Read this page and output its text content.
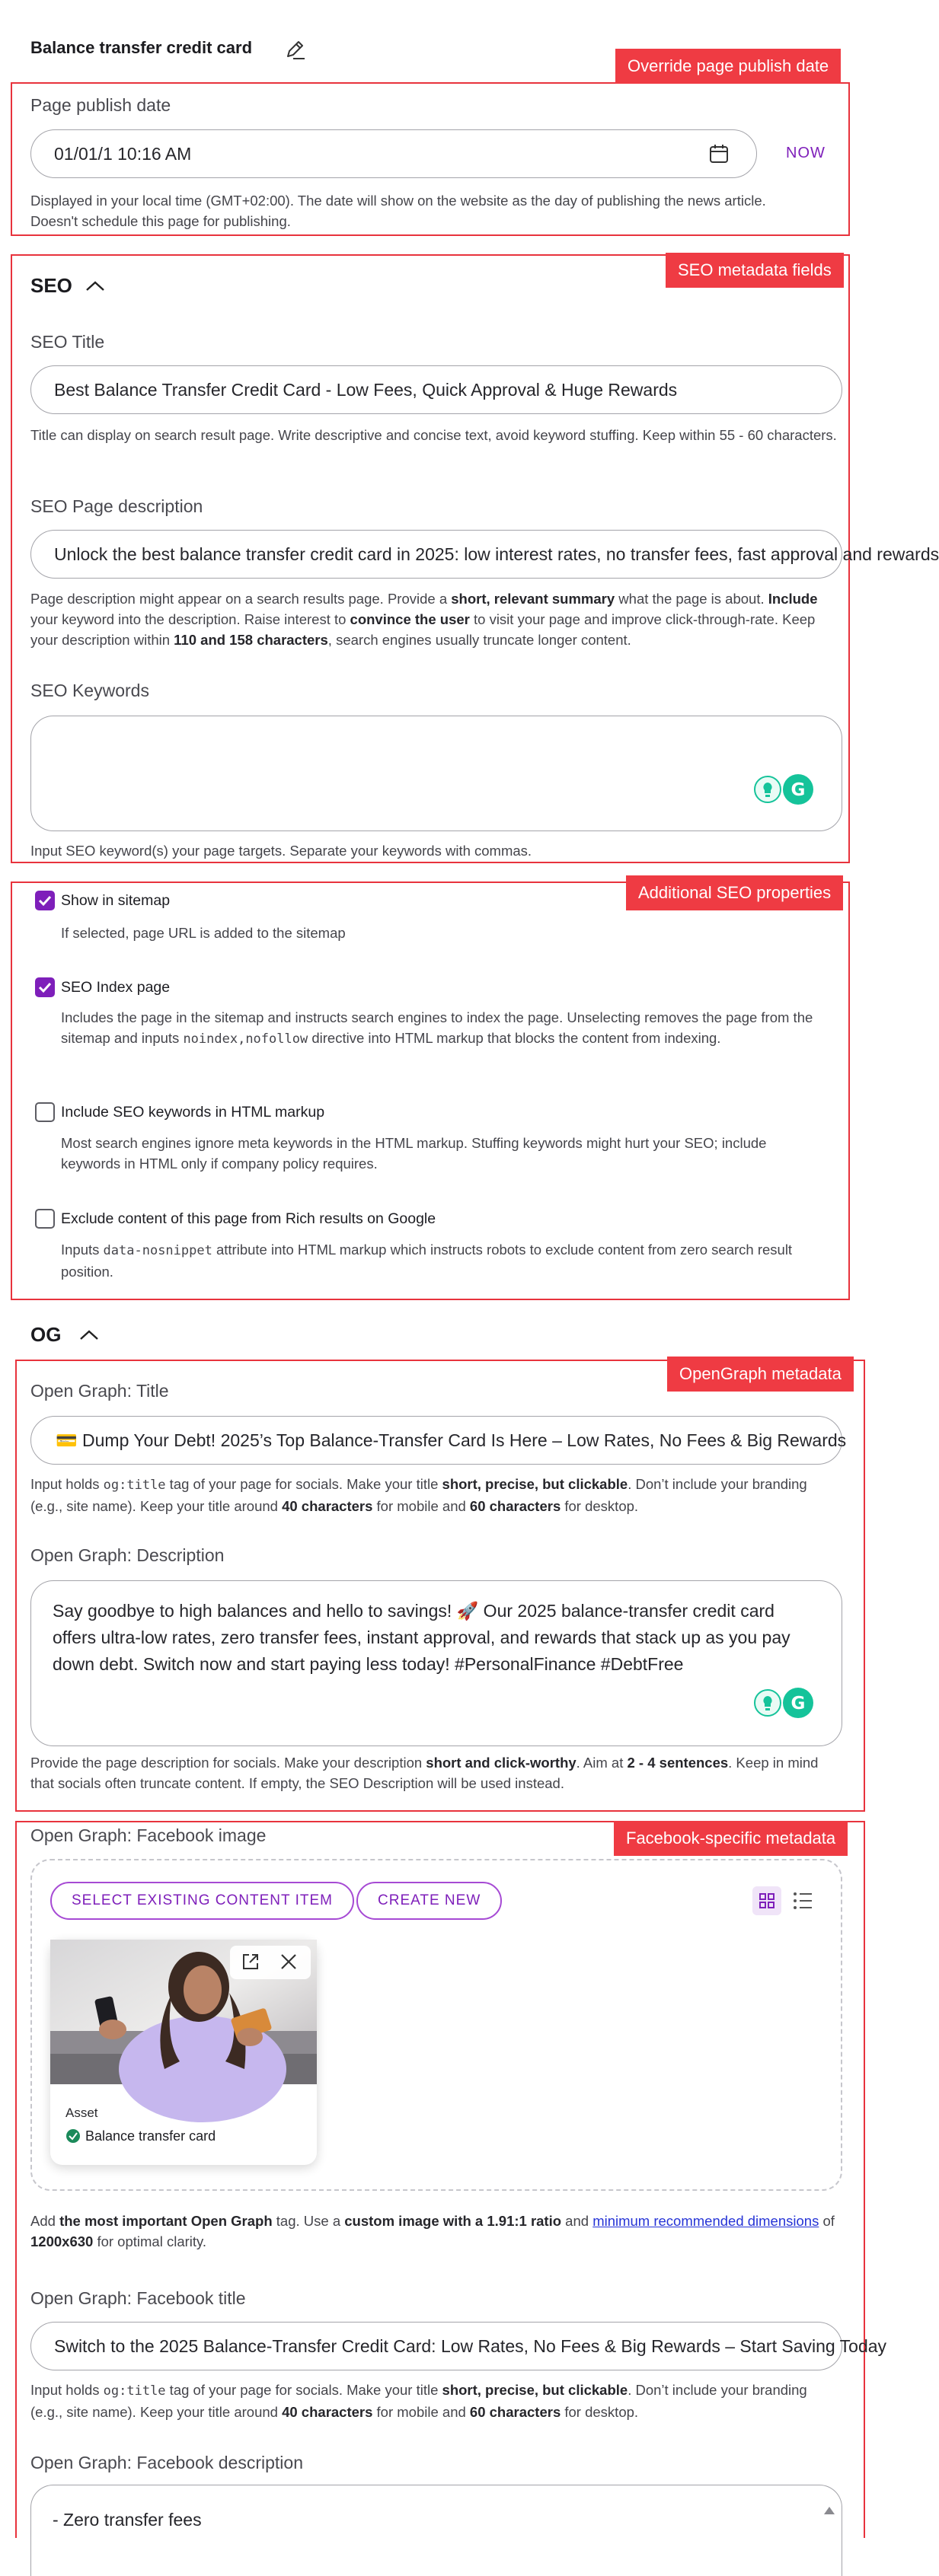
Balance transfer credit card
Override page publish date
Page publish date
01/01/1 10:16 AM	NOW
Displayed in your local time (GMT+02:00). The date will show on the website as the day of publishing the news article.
Doesn't schedule this page for publishing.
SEO metadata fields
SEO
SEO Title
Best Balance Transfer Credit Card - Low Fees, Quick Approval & Huge Rewards
Title can display on search result page. Write descriptive and concise text, avoid keyword stuffing. Keep within 55 - 60 characters.
SEO Page description
Unlock the best balance transfer credit card in 2025: low interest rates, no transfer fees, fast approval and rewards
Page description might appear on a search results page. Provide a short, relevant summary what the page is about. Include your keyword into the description. Raise interest to convince the user to visit your page and improve click-through-rate. Keep your description within 110 and 158 characters, search engines usually truncate longer content.
SEO Keywords
G
Input SEO keyword(s) your page targets. Separate your keywords with commas.
Additional SEO properties
Show in sitemap
If selected, page URL is added to the sitemap
SEO Index page
Includes the page in the sitemap and instructs search engines to index the page. Unselecting removes the page from the sitemap and inputs noindex,nofollow directive into HTML markup that blocks the content from indexing.
Include SEO keywords in HTML markup
Most search engines ignore meta keywords in the HTML markup. Stuffing keywords might hurt your SEO; include keywords in HTML only if company policy requires.
Exclude content of this page from Rich results on Google
Inputs data-nosnippet attribute into HTML markup which instructs robots to exclude content from zero search result position.
OG
OpenGraph metadata
Open Graph: Title
💳 Dump Your Debt! 2025’s Top Balance-Transfer Card Is Here – Low Rates, No Fees & Big Rewards
Input holds og:title tag of your page for socials. Make your title short, precise, but clickable. Don’t include your branding (e.g., site name). Keep your title around 40 characters for mobile and 60 characters for desktop.
Open Graph: Description
Say goodbye to high balances and hello to savings! 🚀 Our 2025 balance-transfer credit card offers ultra-low rates, zero transfer fees, instant approval, and rewards that stack up as you pay down debt. Switch now and start paying less today! #PersonalFinance #DebtFree
G
Provide the page description for socials. Make your description short and click-worthy. Aim at 2 - 4 sentences. Keep in mind that socials often truncate content. If empty, the SEO Description will be used instead.
Facebook-specific metadata
Open Graph: Facebook image
SELECT EXISTING CONTENT ITEM	CREATE NEW
Asset
Balance transfer card
Add the most important Open Graph tag. Use a custom image with a 1.91:1 ratio and minimum recommended dimensions of 1200x630 for optimal clarity.
Open Graph: Facebook title
Switch to the 2025 Balance-Transfer Credit Card: Low Rates, No Fees & Big Rewards – Start Saving Today
Input holds og:title tag of your page for socials. Make your title short, precise, but clickable. Don’t include your branding (e.g., site name). Keep your title around 40 characters for mobile and 60 characters for desktop.
Open Graph: Facebook description
- Zero transfer fees
